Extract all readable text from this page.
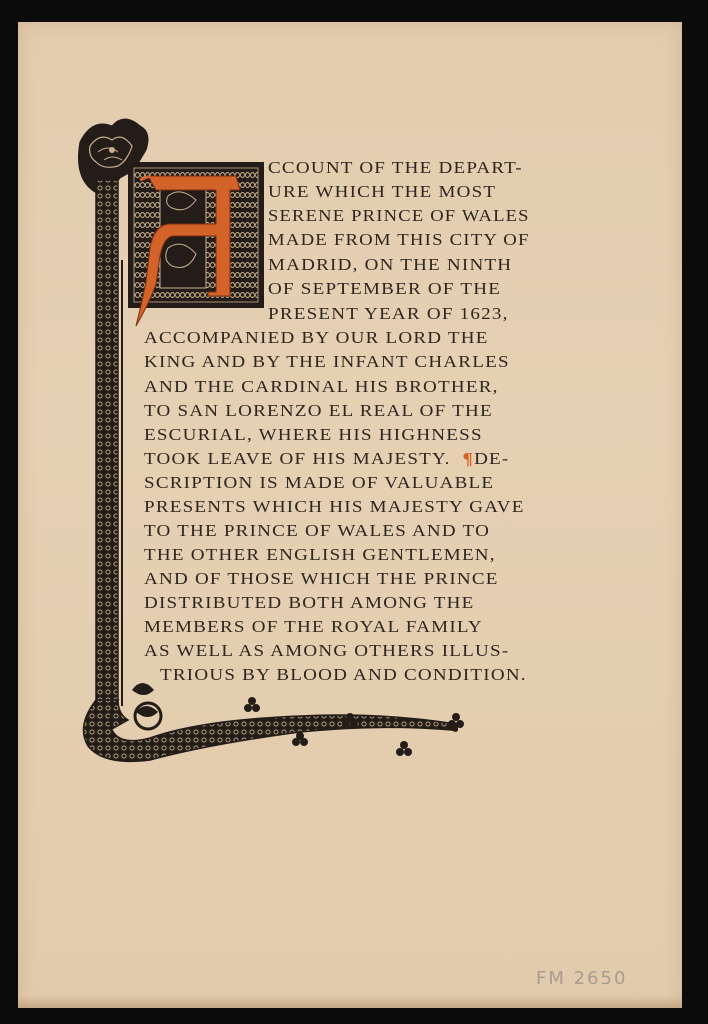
CCOUNT OF THE DEPART-
URE WHICH THE MOST
SERENE PRINCE OF WALES
MADE FROM THIS CITY OF
MADRID, ON THE NINTH
OF SEPTEMBER OF THE
PRESENT YEAR OF 1623,
ACCOMPANIED BY OUR LORD THE
KING AND BY THE INFANT CHARLES
AND THE CARDINAL HIS BROTHER,
TO SAN LORENZO EL REAL OF THE
ESCURIAL, WHERE HIS HIGHNESS
TOOK LEAVE OF HIS MAJESTY. ¶DE-
SCRIPTION IS MADE OF VALUABLE
PRESENTS WHICH HIS MAJESTY GAVE
TO THE PRINCE OF WALES AND TO
THE OTHER ENGLISH GENTLEMEN,
AND OF THOSE WHICH THE PRINCE
DISTRIBUTED BOTH AMONG THE
MEMBERS OF THE ROYAL FAMILY
AS WELL AS AMONG OTHERS ILLUS-
TRIOUS BY BLOOD AND CONDITION.
FM 2650
